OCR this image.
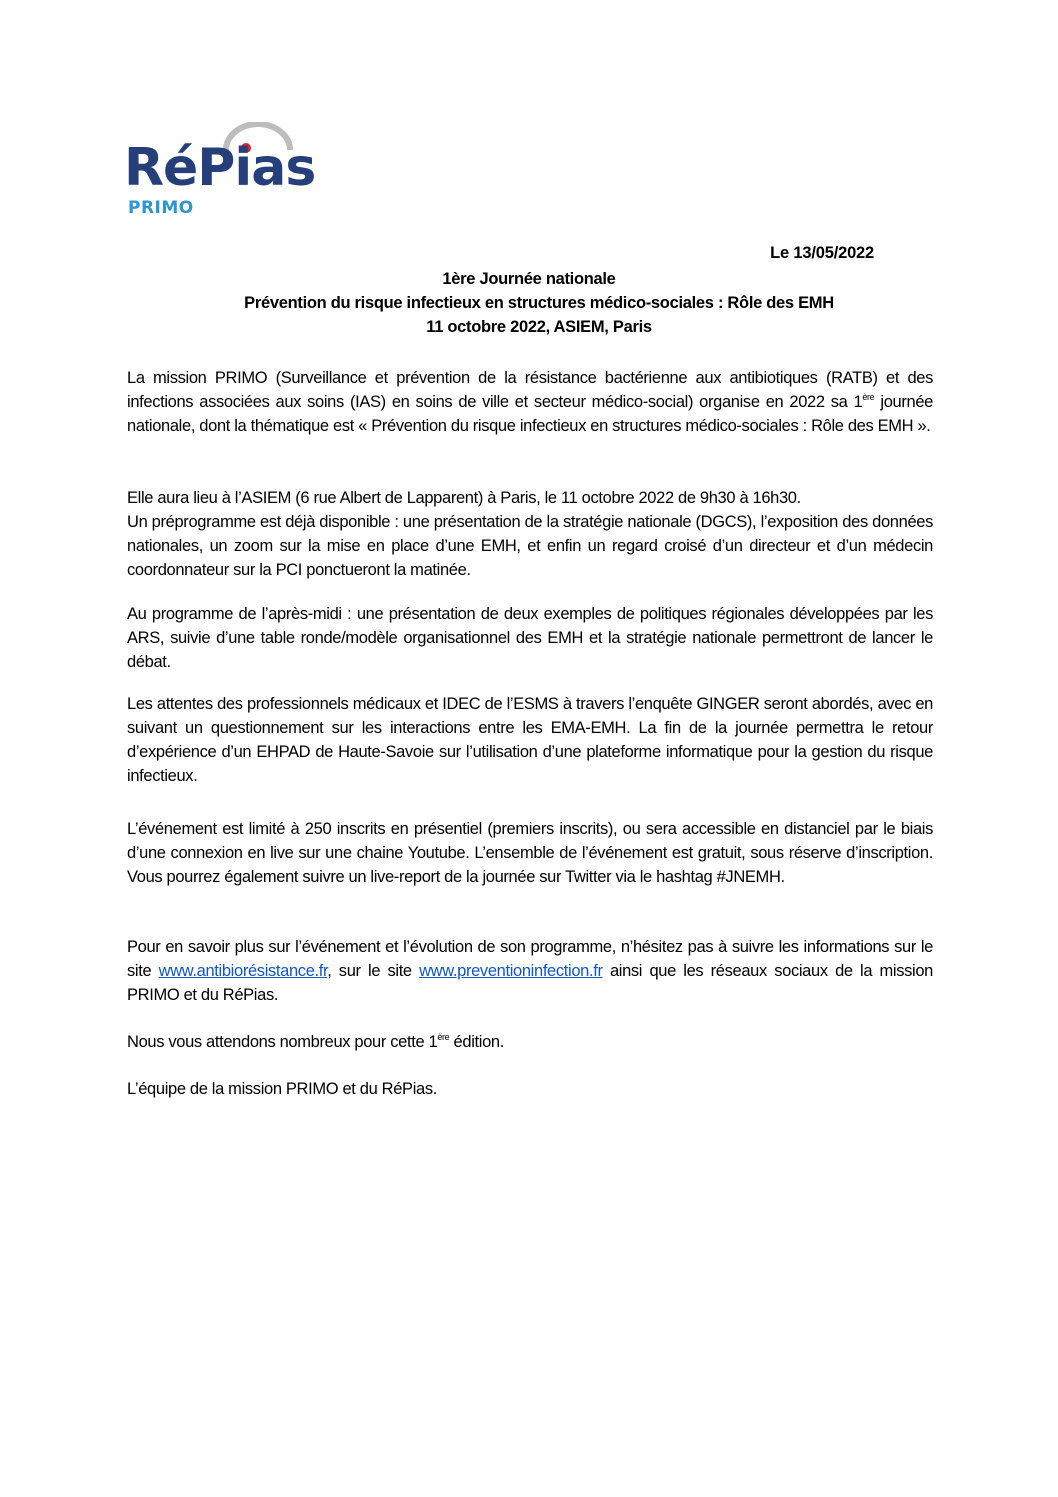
RéPias
PRIMO
Le 13/05/2022
1ère Journée nationale
Prévention du risque infectieux en structures médico-sociales : Rôle des EMH
11 octobre 2022, ASIEM, Paris

La mission PRIMO (Surveillance et prévention de la résistance bactérienne aux antibiotiques (RATB) et des infections associées aux soins (IAS) en soins de ville et secteur médico-social) organise en 2022 sa 1ère journée nationale, dont la thématique est « Prévention du risque infectieux en structures médico-sociales : Rôle des EMH ».

Elle aura lieu à l’ASIEM (6 rue Albert de Lapparent) à Paris, le 11 octobre 2022 de 9h30 à 16h30.

Un préprogramme est déjà disponible : une présentation de la stratégie nationale (DGCS), l’exposition des données nationales, un zoom sur la mise en place d’une EMH, et enfin un regard croisé d’un directeur et d’un médecin coordonnateur sur la PCI ponctueront la matinée.

Au programme de l’après-midi : une présentation de deux exemples de politiques régionales développées par les ARS, suivie d’une table ronde/modèle organisationnel des EMH et la stratégie nationale permettront de lancer le débat.

Les attentes des professionnels médicaux et IDEC de l’ESMS à travers l’enquête GINGER seront abordés, avec en suivant un questionnement sur les interactions entre les EMA-EMH. La fin de la journée permettra le retour d’expérience d’un EHPAD de Haute-Savoie sur l’utilisation d’une plateforme informatique pour la gestion du risque infectieux.

L’événement est limité à 250 inscrits en présentiel (premiers inscrits), ou sera accessible en distanciel par le biais d’une connexion en live sur une chaine Youtube. L’ensemble de l’événement est gratuit, sous réserve d’inscription. Vous pourrez également suivre un live-report de la journée sur Twitter via le hashtag #JNEMH.

Pour en savoir plus sur l’événement et l’évolution de son programme, n’hésitez pas à suivre les informations sur le site www.antibiorésistance.fr, sur le site www.preventioninfection.fr ainsi que les réseaux sociaux de la mission PRIMO et du RéPias.

Nous vous attendons nombreux pour cette 1ère édition.

L’équipe de la mission PRIMO et du RéPias.
